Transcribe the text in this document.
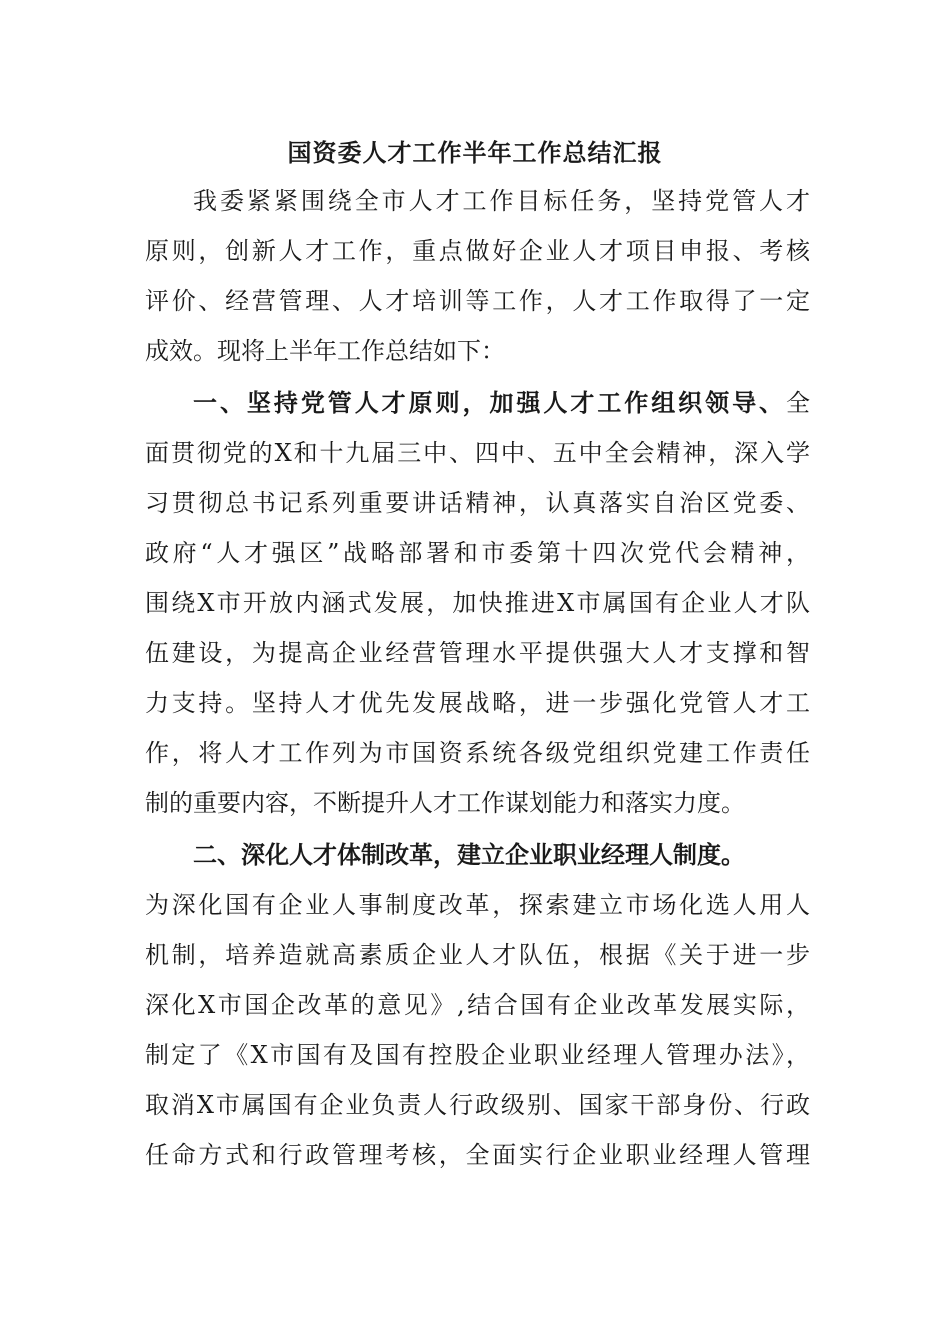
国资委人才工作半年工作总结汇报
我委紧紧围绕全市人才工作目标任务，坚持党管人才
原则，创新人才工作，重点做好企业人才项目申报、考核
评价、经营管理、人才培训等工作，人才工作取得了一定
成效。现将上半年工作总结如下：
一、坚持党管人才原则，加强人才工作组织领导、全
面贯彻党的X和十九届三中、四中、五中全会精神，深入学
习贯彻总书记系列重要讲话精神，认真落实自治区党委、
政府“人才强区”战略部署和市委第十四次党代会精神，
围绕X市开放内涵式发展，加快推进X市属国有企业人才队
伍建设，为提高企业经营管理水平提供强大人才支撑和智
力支持。坚持人才优先发展战略，进一步强化党管人才工
作，将人才工作列为市国资系统各级党组织党建工作责任
制的重要内容，不断提升人才工作谋划能力和落实力度。
二、深化人才体制改革，建立企业职业经理人制度。
为深化国有企业人事制度改革，探索建立市场化选人用人
机制，培养造就高素质企业人才队伍，根据《关于进一步
深化X市国企改革的意见》,结合国有企业改革发展实际，
制定了《X市国有及国有控股企业职业经理人管理办法》，
取消X市属国有企业负责人行政级别、国家干部身份、行政
任命方式和行政管理考核，全面实行企业职业经理人管理
